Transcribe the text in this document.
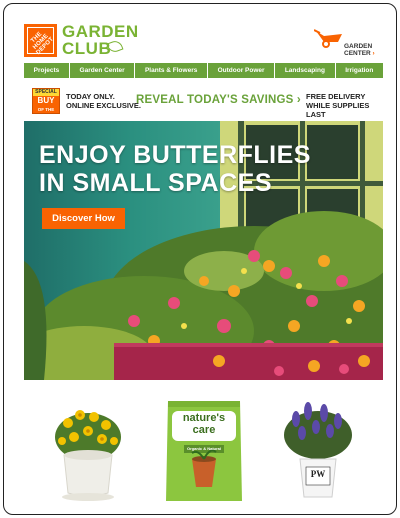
THE HOME DEPOT
GARDEN
CLUB	GARDEN
CENTER ›
Projects	Garden Center	Plants & Flowers	Outdoor Power	Landscaping	Irrigation
SPECIAL
BUY
OF THE DAY
TODAY ONLY.
ONLINE EXCLUSIVE.
REVEAL TODAY'S SAVINGS › FREE DELIVERY
WHILE SUPPLIES LAST
ENJOY BUTTERFLIES
IN SMALL SPACES
Discover How
nature's
care
Organic & Natural
PW
